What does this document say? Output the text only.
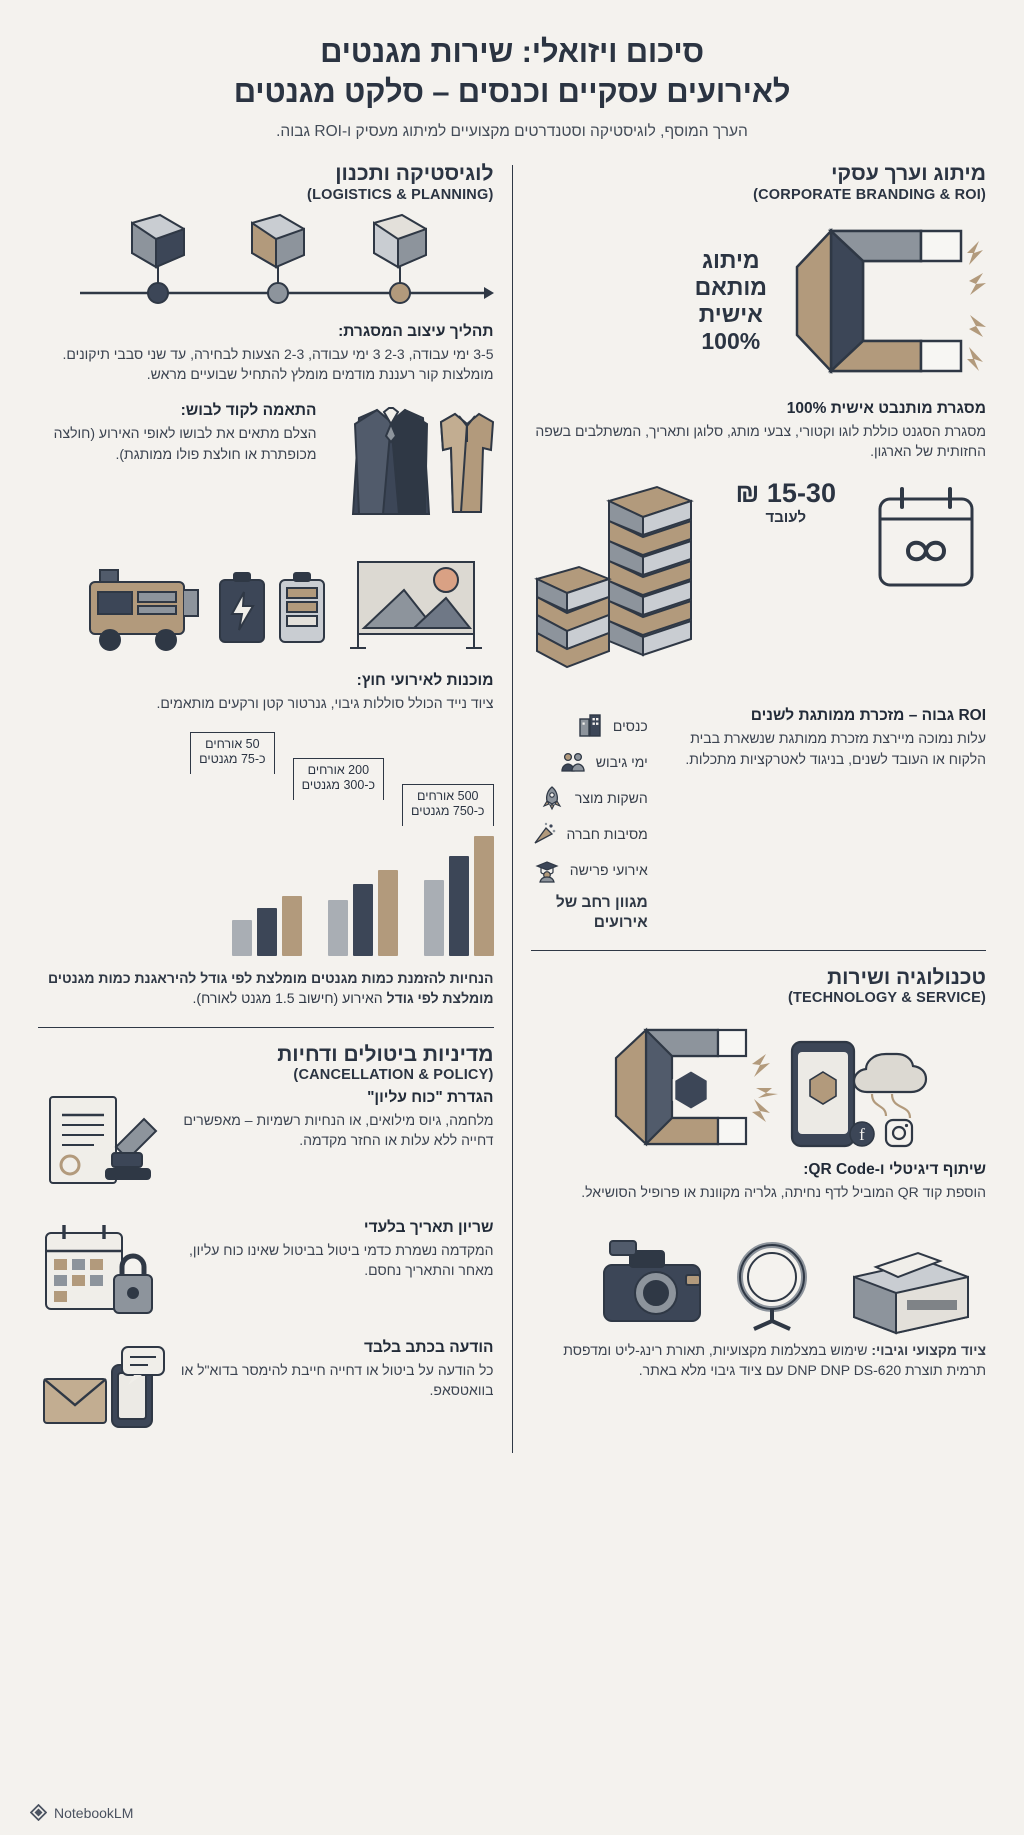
סיכום ויזואלי: שירות מגנטים
לאירועים עסקיים וכנסים – סלקט מגנטים
הערך המוסף, לוגיסטיקה וסטנדרטים מקצועיים למיתוג מעסיק ו-ROI גבוה.
מיתוג וערך עסקי
(CORPORATE BRANDING & ROI)
מיתוג
מותאם
אישית
100%
מסגרת מותנבט אישית 100%
מסגרת הסגנט כוללת לוגו וקטורי, צבעי מותג, סלוגן ותאריך, המשתלבים בשפה החזותית של הארגון.
15-30 ₪
לעובד
ROI גבוה – מזכרת ממותגת לשנים
עלות נמוכה מיירצת מזכרת ממותגת שנשארת בבית הלקוח או העובד לשנים, בניגוד לאטרקציות מתכלות.
כנסים
ימי גיבוש
השקות מוצר
מסיבות חברה
אירועי פרישה
מגוון רחב של
אירועים
טכנולוגיה ושירות
(TECHNOLOGY & SERVICE)
f
שיתוף דיגיטלי ו-QR Code:
הוספת קוד QR המוביל לדף נחיתה, גלריה מקוונת או פרופיל הסושיאל.
ציוד מקצועי וגיבוי: שימוש במצלמות מקצועיות, תאורת רינג-ליט ומדפסת תרמית תוצרת DNP DNP DS-620 עם ציוד גיבוי מלא באתר.
לוגיסטיקה ותכנון
(LOGISTICS & PLANNING)
תהליך עיצוב המסגרת:
3-5 ימי עבודה, 2-3 3 ימי עבודה, 2-3 הצעות לבחירה, עד שני סבבי תיקונים. מומלצות קור רעננת מודמים מומלץ להתחיל שבועיים מראש.
התאמה לקוד לבוש:
הצלם מתאים את לבושו לאופי האירוע (חולצה מכופתרת או חולצת פולו ממותגת).
מוכנות לאירועי חוץ:
ציוד נייד הכולל סוללות גיבוי, גנרטור קטן ורקעים מותאמים.
500 אורחים
כ-750 מגנטים
200 אורחים
כ-300 מגנטים
50 אורחים
כ-75 מגנטים
הנחיות להזמנת כמות מגנטים מומלצת לפי גודל להיראגנת כמות מגנטים מומלצת לפי גודל האירוע (חישוב 1.5 מגנט לאורח).
מדיניות ביטולים ודחיות
(CANCELLATION & POLICY)
הגדרת "כוח עליון"
מלחמה, גיוס מילואים, או הנחיות רשמיות – מאפשרים דחייה ללא עלות או החזר מקדמה.
שריון תאריך בלעדי
המקדמה נשמרת כדמי ביטול בביטול שאינו כוח עליון, מאחר והתאריך נחסם.
הודעה בכתב בלבד
כל הודעה על ביטול או דחייה חייבת להימסר בדוא"ל או בוואטסאפ.
NotebookLM
